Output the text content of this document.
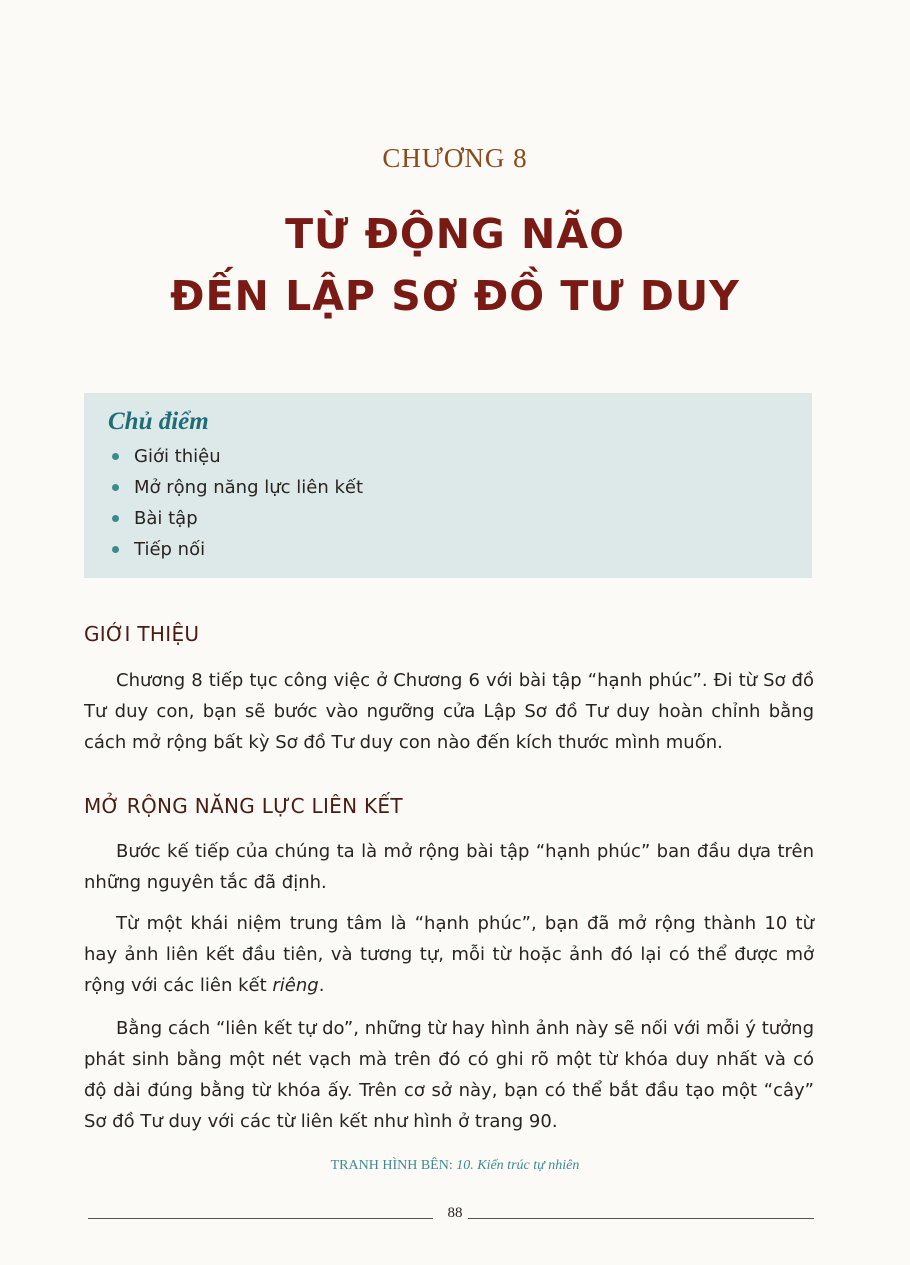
CHƯƠNG 8
TỪ ĐỘNG NÃO
ĐẾN LẬP SƠ ĐỒ TƯ DUY
Chủ điểm
Giới thiệu
Mở rộng năng lực liên kết
Bài tập
Tiếp nối
GIỚI THIỆU

Chương 8 tiếp tục công việc ở Chương 6 với bài tập “hạnh phúc”. Đi từ Sơ đồ Tư duy con, bạn sẽ bước vào ngưỡng cửa Lập Sơ đồ Tư duy hoàn chỉnh bằng cách mở rộng bất kỳ Sơ đồ Tư duy con nào đến kích thước mình muốn.

MỞ RỘNG NĂNG LỰC LIÊN KẾT

Bước kế tiếp của chúng ta là mở rộng bài tập “hạnh phúc” ban đầu dựa trên những nguyên tắc đã định.

Từ một khái niệm trung tâm là “hạnh phúc”, bạn đã mở rộng thành 10 từ hay ảnh liên kết đầu tiên, và tương tự, mỗi từ hoặc ảnh đó lại có thể được mở rộng với các liên kết riêng.

Bằng cách “liên kết tự do”, những từ hay hình ảnh này sẽ nối với mỗi ý tưởng phát sinh bằng một nét vạch mà trên đó có ghi rõ một từ khóa duy nhất và có độ dài đúng bằng từ khóa ấy. Trên cơ sở này, bạn có thể bắt đầu tạo một “cây” Sơ đồ Tư duy với các từ liên kết như hình ở trang 90.

TRANH HÌNH BÊN: 10. Kiến trúc tự nhiên
88
